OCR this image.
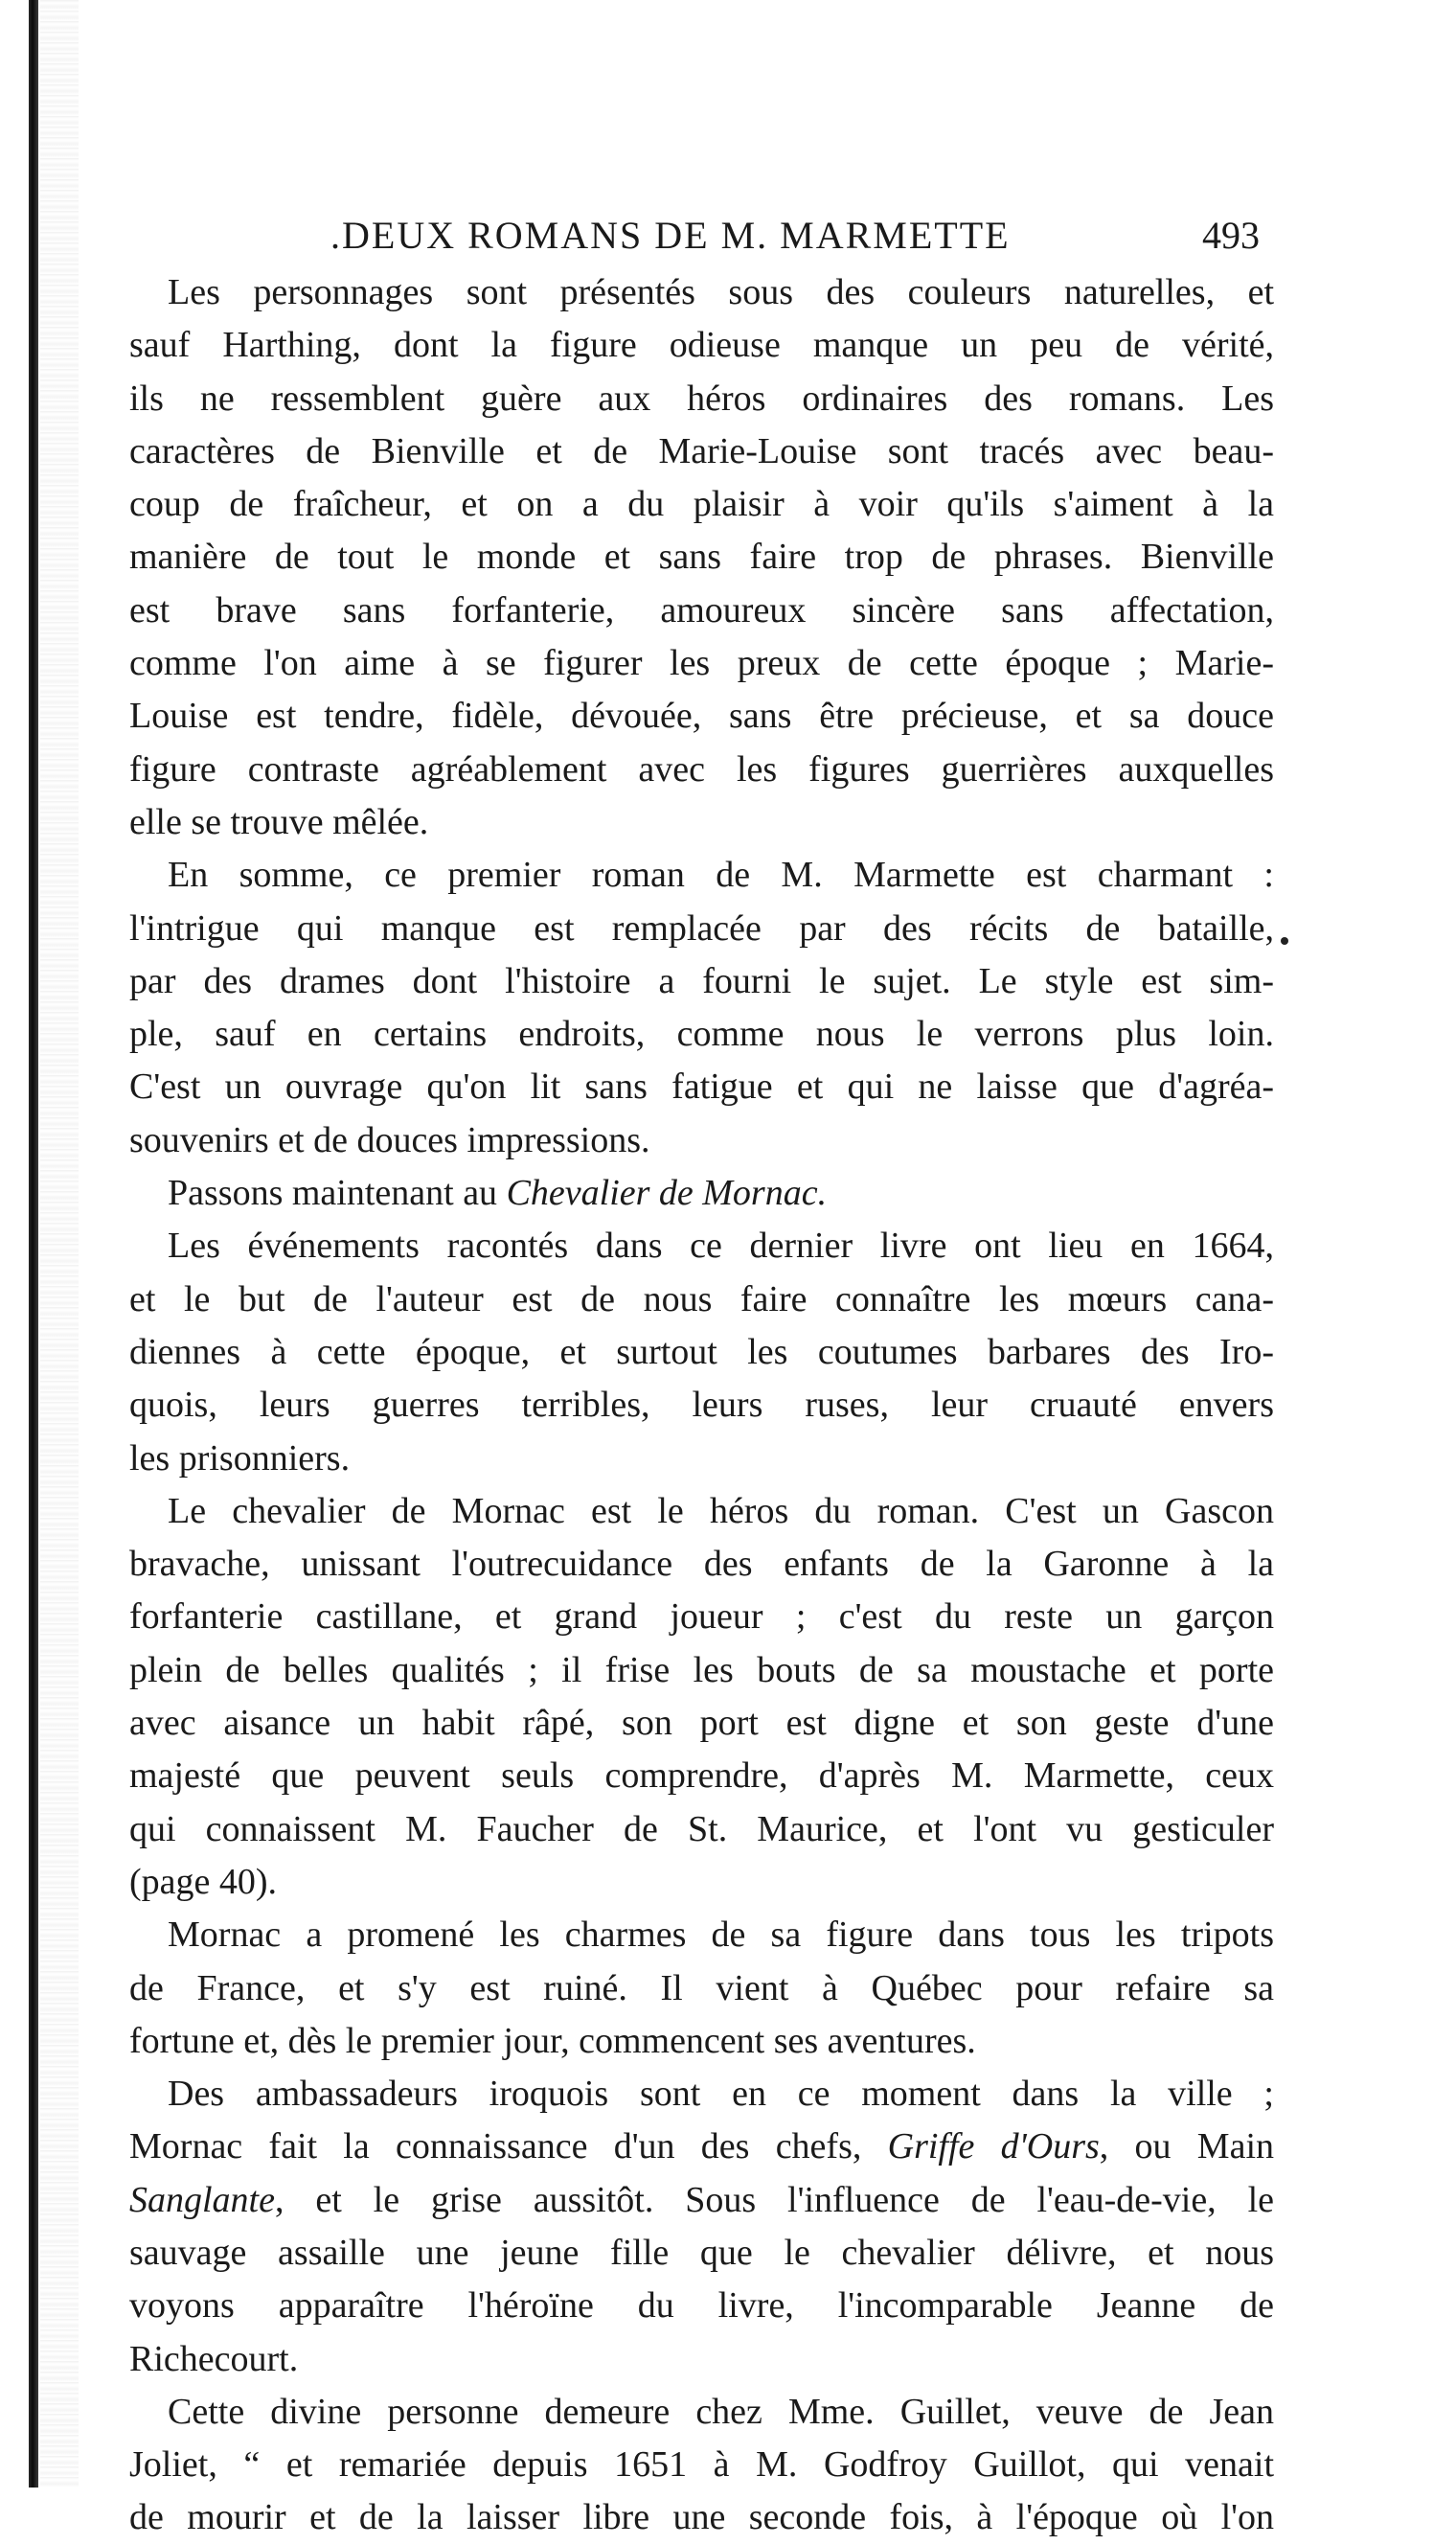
.DEUX ROMANS DE M. MARMETTE	493
Les personnages sont présentés sous des couleurs naturelles, et
sauf Harthing, dont la figure odieuse manque un peu de vérité,
ils ne ressemblent guère aux héros ordinaires des romans. Les
caractères de Bienville et de Marie-Louise sont tracés avec beau-
coup de fraîcheur, et on a du plaisir à voir qu'ils s'aiment à la
manière de tout le monde et sans faire trop de phrases. Bienville
est brave sans forfanterie, amoureux sincère sans affectation,
comme l'on aime à se figurer les preux de cette époque ; Marie-
Louise est tendre, fidèle, dévouée, sans être précieuse, et sa douce
figure contraste agréablement avec les figures guerrières auxquelles
elle se trouve mêlée.
En somme, ce premier roman de M. Marmette est charmant :
l'intrigue qui manque est remplacée par des récits de bataille,
par des drames dont l'histoire a fourni le sujet. Le style est sim-
ple, sauf en certains endroits, comme nous le verrons plus loin.
C'est un ouvrage qu'on lit sans fatigue et qui ne laisse que d'agréa-
souvenirs et de douces impressions.
Passons maintenant au Chevalier de Mornac.
Les événements racontés dans ce dernier livre ont lieu en 1664,
et le but de l'auteur est de nous faire connaître les mœurs cana-
diennes à cette époque, et surtout les coutumes barbares des Iro-
quois, leurs guerres terribles, leurs ruses, leur cruauté envers
les prisonniers.
Le chevalier de Mornac est le héros du roman. C'est un Gascon
bravache, unissant l'outrecuidance des enfants de la Garonne à la
forfanterie castillane, et grand joueur ; c'est du reste un garçon
plein de belles qualités ; il frise les bouts de sa moustache et porte
avec aisance un habit râpé, son port est digne et son geste d'une
majesté que peuvent seuls comprendre, d'après M. Marmette, ceux
qui connaissent M. Faucher de St. Maurice, et l'ont vu gesticuler
(page 40).
Mornac a promené les charmes de sa figure dans tous les tripots
de France, et s'y est ruiné. Il vient à Québec pour refaire sa
fortune et, dès le premier jour, commencent ses aventures.
Des ambassadeurs iroquois sont en ce moment dans la ville ;
Mornac fait la connaissance d'un des chefs, Griffe d'Ours, ou Main
Sanglante, et le grise aussitôt. Sous l'influence de l'eau-de-vie, le
sauvage assaille une jeune fille que le chevalier délivre, et nous
voyons apparaître l'héroïne du livre, l'incomparable Jeanne de
Richecourt.
Cette divine personne demeure chez Mme. Guillet, veuve de Jean
Joliet, “ et remariée depuis 1651 à M. Godfroy Guillot, qui venait
de mourir et de la laisser libre une seconde fois, à l'époque où l'on
